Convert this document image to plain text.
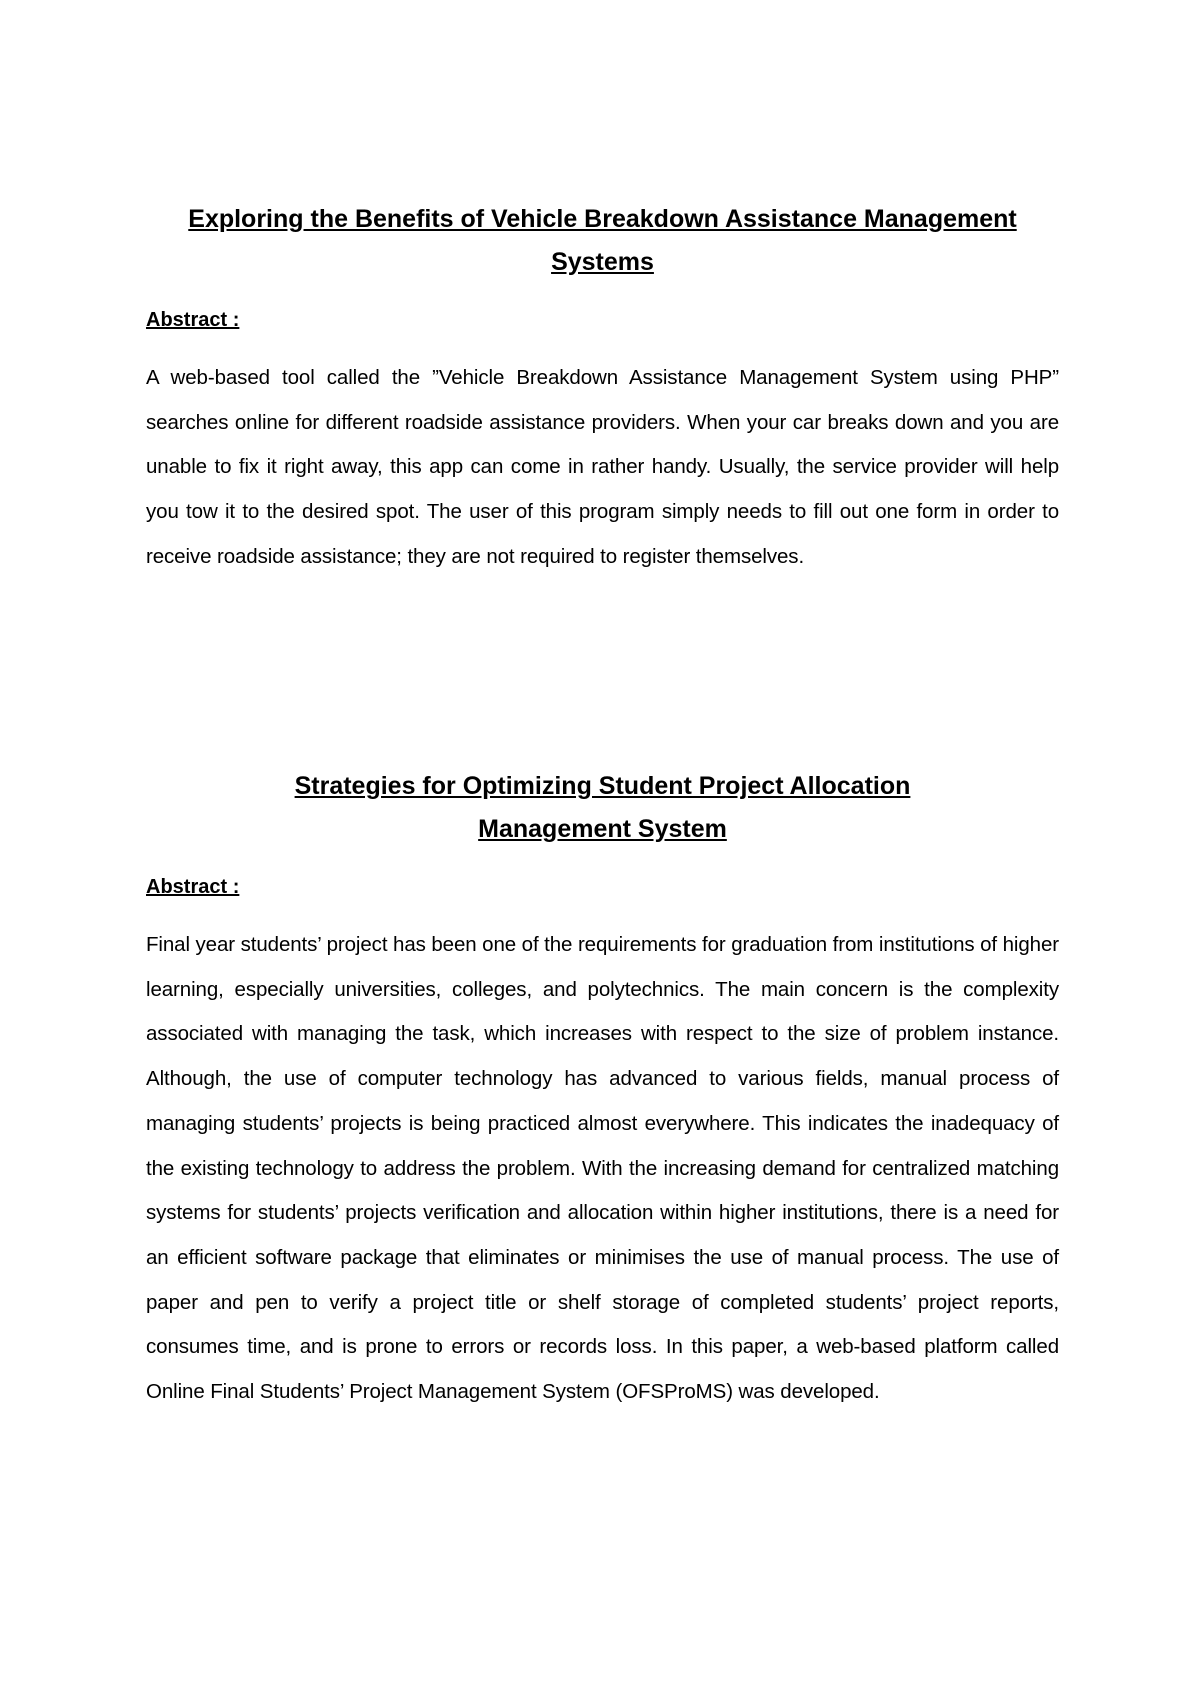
Exploring the Benefits of Vehicle Breakdown Assistance Management
Systems

Abstract :

A web-based tool called the ”Vehicle Breakdown Assistance Management System using PHP” searches online for different roadside assistance providers. When your car breaks down and you are unable to fix it right away, this app can come in rather handy. Usually, the service provider will help you tow it to the desired spot. The user of this program simply needs to fill out one form in order to receive roadside assistance; they are not required to register themselves.

Strategies for Optimizing Student Project Allocation
Management System

Abstract :

Final year students’ project has been one of the requirements for graduation from institutions of higher learning, especially universities, colleges, and polytechnics. The main concern is the complexity associated with managing the task, which increases with respect to the size of problem instance. Although, the use of computer technology has advanced to various fields, manual process of managing students’ projects is being practiced almost everywhere. This indicates the inadequacy of the existing technology to address the problem. With the increasing demand for centralized matching systems for students’ projects verification and allocation within higher institutions, there is a need for an efficient software package that eliminates or minimises the use of manual process. The use of paper and pen to verify a project title or shelf storage of completed students’ project reports, consumes time, and is prone to errors or records loss. In this paper, a web-based platform called Online Final Students’ Project Management System (OFSProMS) was developed.
